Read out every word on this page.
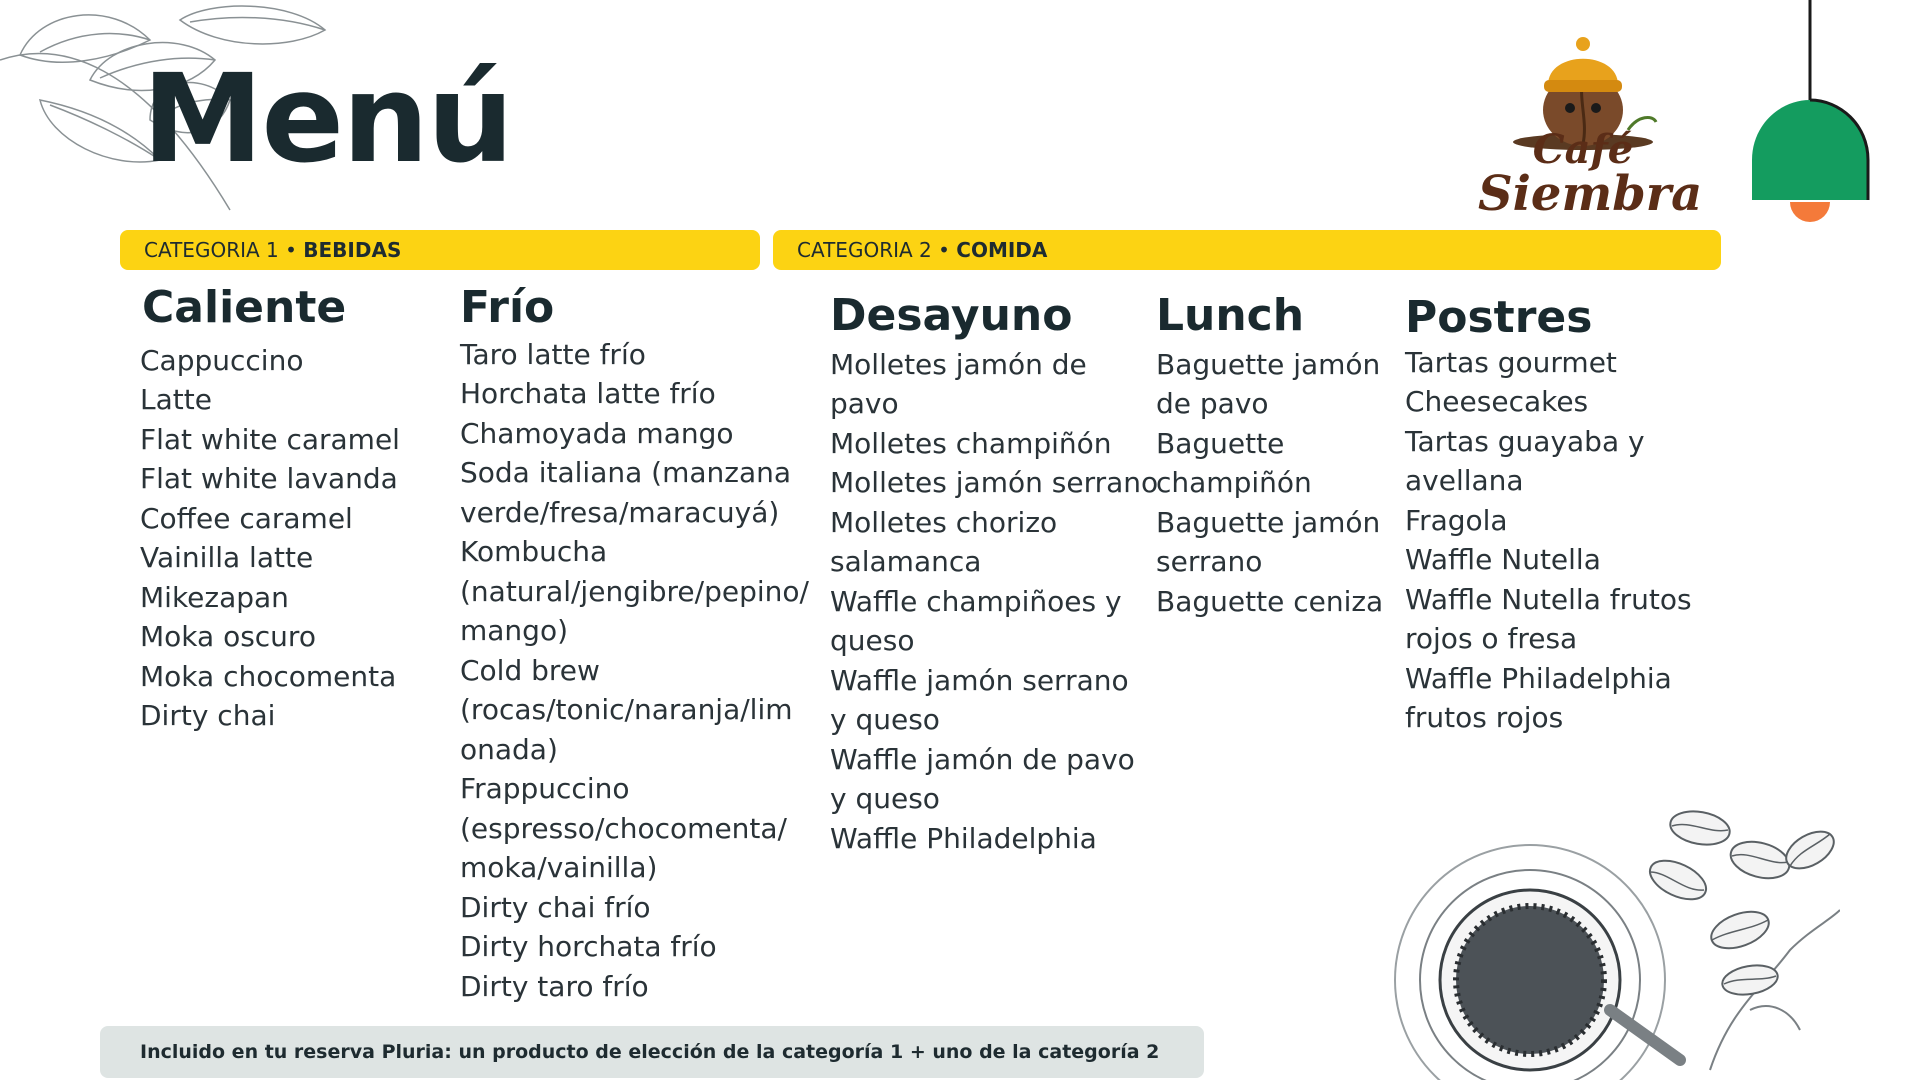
Menú	Café
Siembra
CATEGORIA 1 • BEBIDAS	CATEGORIA 2 • COMIDA
Caliente
Cappuccino
Latte
Flat white caramel
Flat white lavanda
Coffee caramel
Vainilla latte
Mikezapan
Moka oscuro
Moka chocomenta
Dirty chai
Frío
Taro latte frío
Horchata latte frío
Chamoyada mango
Soda italiana (manzana
verde/fresa/maracuyá)
Kombucha
(natural/jengibre/pepino/
mango)
Cold brew
(rocas/tonic/naranja/lim
onada)
Frappuccino
(espresso/chocomenta/
moka/vainilla)
Dirty chai frío
Dirty horchata frío
Dirty taro frío
Desayuno
Molletes jamón de
pavo
Molletes champiñón
Molletes jamón serrano
Molletes chorizo
salamanca
Waffle champiñoes y
queso
Waffle jamón serrano
y queso
Waffle jamón de pavo
y queso
Waffle Philadelphia
Lunch
Baguette jamón
de pavo
Baguette
champiñón
Baguette jamón
serrano
Baguette ceniza
Postres
Tartas gourmet
Cheesecakes
Tartas guayaba y
avellana
Fragola
Waffle Nutella
Waffle Nutella frutos
rojos o fresa
Waffle Philadelphia
frutos rojos
Incluido en tu reserva Pluria: un producto de elección de la categoría 1 + uno de la categoría 2
